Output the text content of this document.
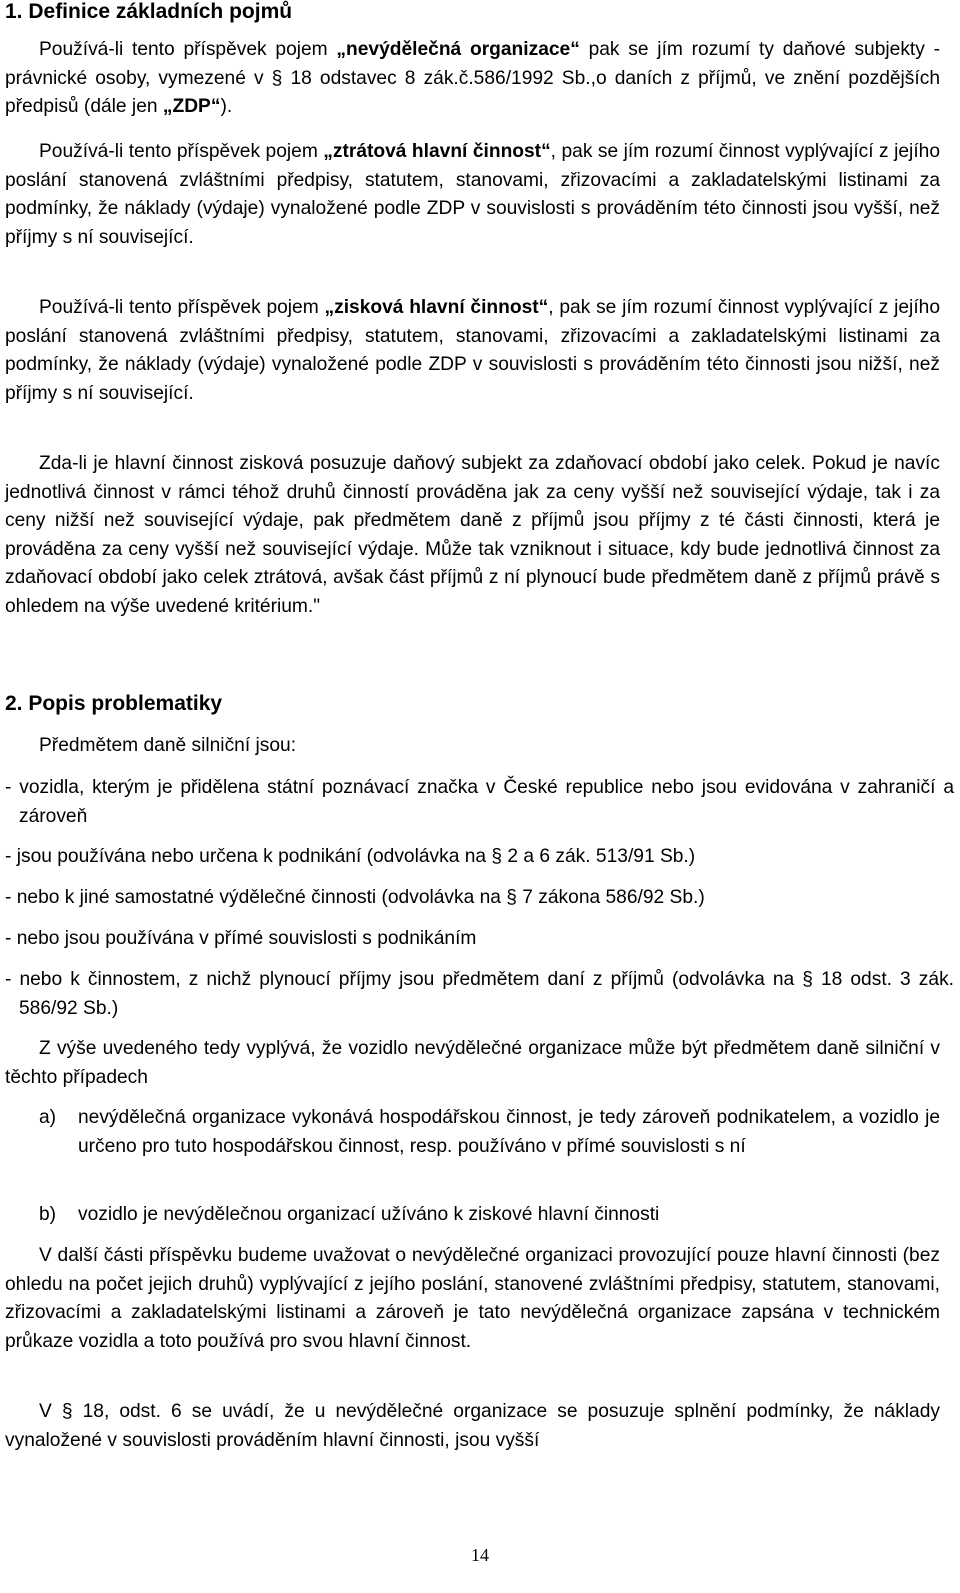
1. Definice základních pojmů

Používá-li tento příspěvek pojem „nevýdělečná organizace“ pak se jím rozumí ty daňové subjekty - právnické osoby, vymezené v § 18 odstavec 8 zák.č.586/1992 Sb.,o daních z příjmů, ve znění pozdějších předpisů (dále jen „ZDP“).

Používá-li tento příspěvek pojem „ztrátová hlavní činnost“, pak se jím rozumí činnost vyplývající z jejího poslání stanovená zvláštními předpisy, statutem, stanovami, zřizovacími a zakladatelskými listinami za podmínky, že náklady (výdaje) vynaložené podle ZDP v souvislosti s prováděním této činnosti jsou vyšší, než příjmy s ní související.

Používá-li tento příspěvek pojem „zisková hlavní činnost“, pak se jím rozumí činnost vyplývající z jejího poslání stanovená zvláštními předpisy, statutem, stanovami, zřizovacími a zakladatelskými listinami za podmínky, že náklady (výdaje) vynaložené podle ZDP v souvislosti s prováděním této činnosti jsou nižší, než příjmy s ní související.

Zda-li je hlavní činnost zisková posuzuje daňový subjekt za zdaňovací období jako celek. Pokud je navíc jednotlivá činnost v rámci téhož druhů činností prováděna jak za ceny vyšší než související výdaje, tak i za ceny nižší než související výdaje, pak předmětem daně z příjmů jsou příjmy z té části činnosti, která je prováděna za ceny vyšší než související výdaje. Může tak vzniknout i situace, kdy bude jednotlivá činnost za zdaňovací období jako celek ztrátová, avšak část příjmů z ní plynoucí bude předmětem daně z příjmů právě s ohledem na výše uvedené kritérium."

2. Popis problematiky

Předmětem daně silniční jsou:

- vozidla, kterým je přidělena státní poznávací značka v České republice nebo jsou evidována v zahraničí a zároveň
- jsou používána nebo určena k podnikání (odvolávka na § 2 a 6 zák. 513/91 Sb.)
- nebo k jiné samostatné výdělečné činnosti (odvolávka na § 7 zákona 586/92 Sb.)
- nebo jsou používána v přímé souvislosti s podnikáním
- nebo k činnostem, z nichž plynoucí příjmy jsou předmětem daní z příjmů (odvolávka na § 18 odst. 3 zák. 586/92 Sb.)

Z výše uvedeného tedy vyplývá, že vozidlo nevýdělečné organizace může být předmětem daně silniční v těchto případech

a) nevýdělečná organizace vykonává hospodářskou činnost, je tedy zároveň podnikatelem, a vozidlo je určeno pro tuto hospodářskou činnost, resp. používáno v přímé souvislosti s ní
b) vozidlo je nevýdělečnou organizací užíváno k ziskové hlavní činnosti

V další části příspěvku budeme uvažovat o nevýdělečné organizaci provozující pouze hlavní činnosti (bez ohledu na počet jejich druhů) vyplývající z jejího poslání, stanovené zvláštními předpisy, statutem, stanovami, zřizovacími a zakladatelskými listinami a zároveň je tato nevýdělečná organizace zapsána v technickém průkaze vozidla a toto používá pro svou hlavní činnost.

V § 18, odst. 6 se uvádí, že u nevýdělečné organizace se posuzuje splnění podmínky, že náklady vynaložené v souvislosti prováděním hlavní činnosti, jsou vyšší

14
